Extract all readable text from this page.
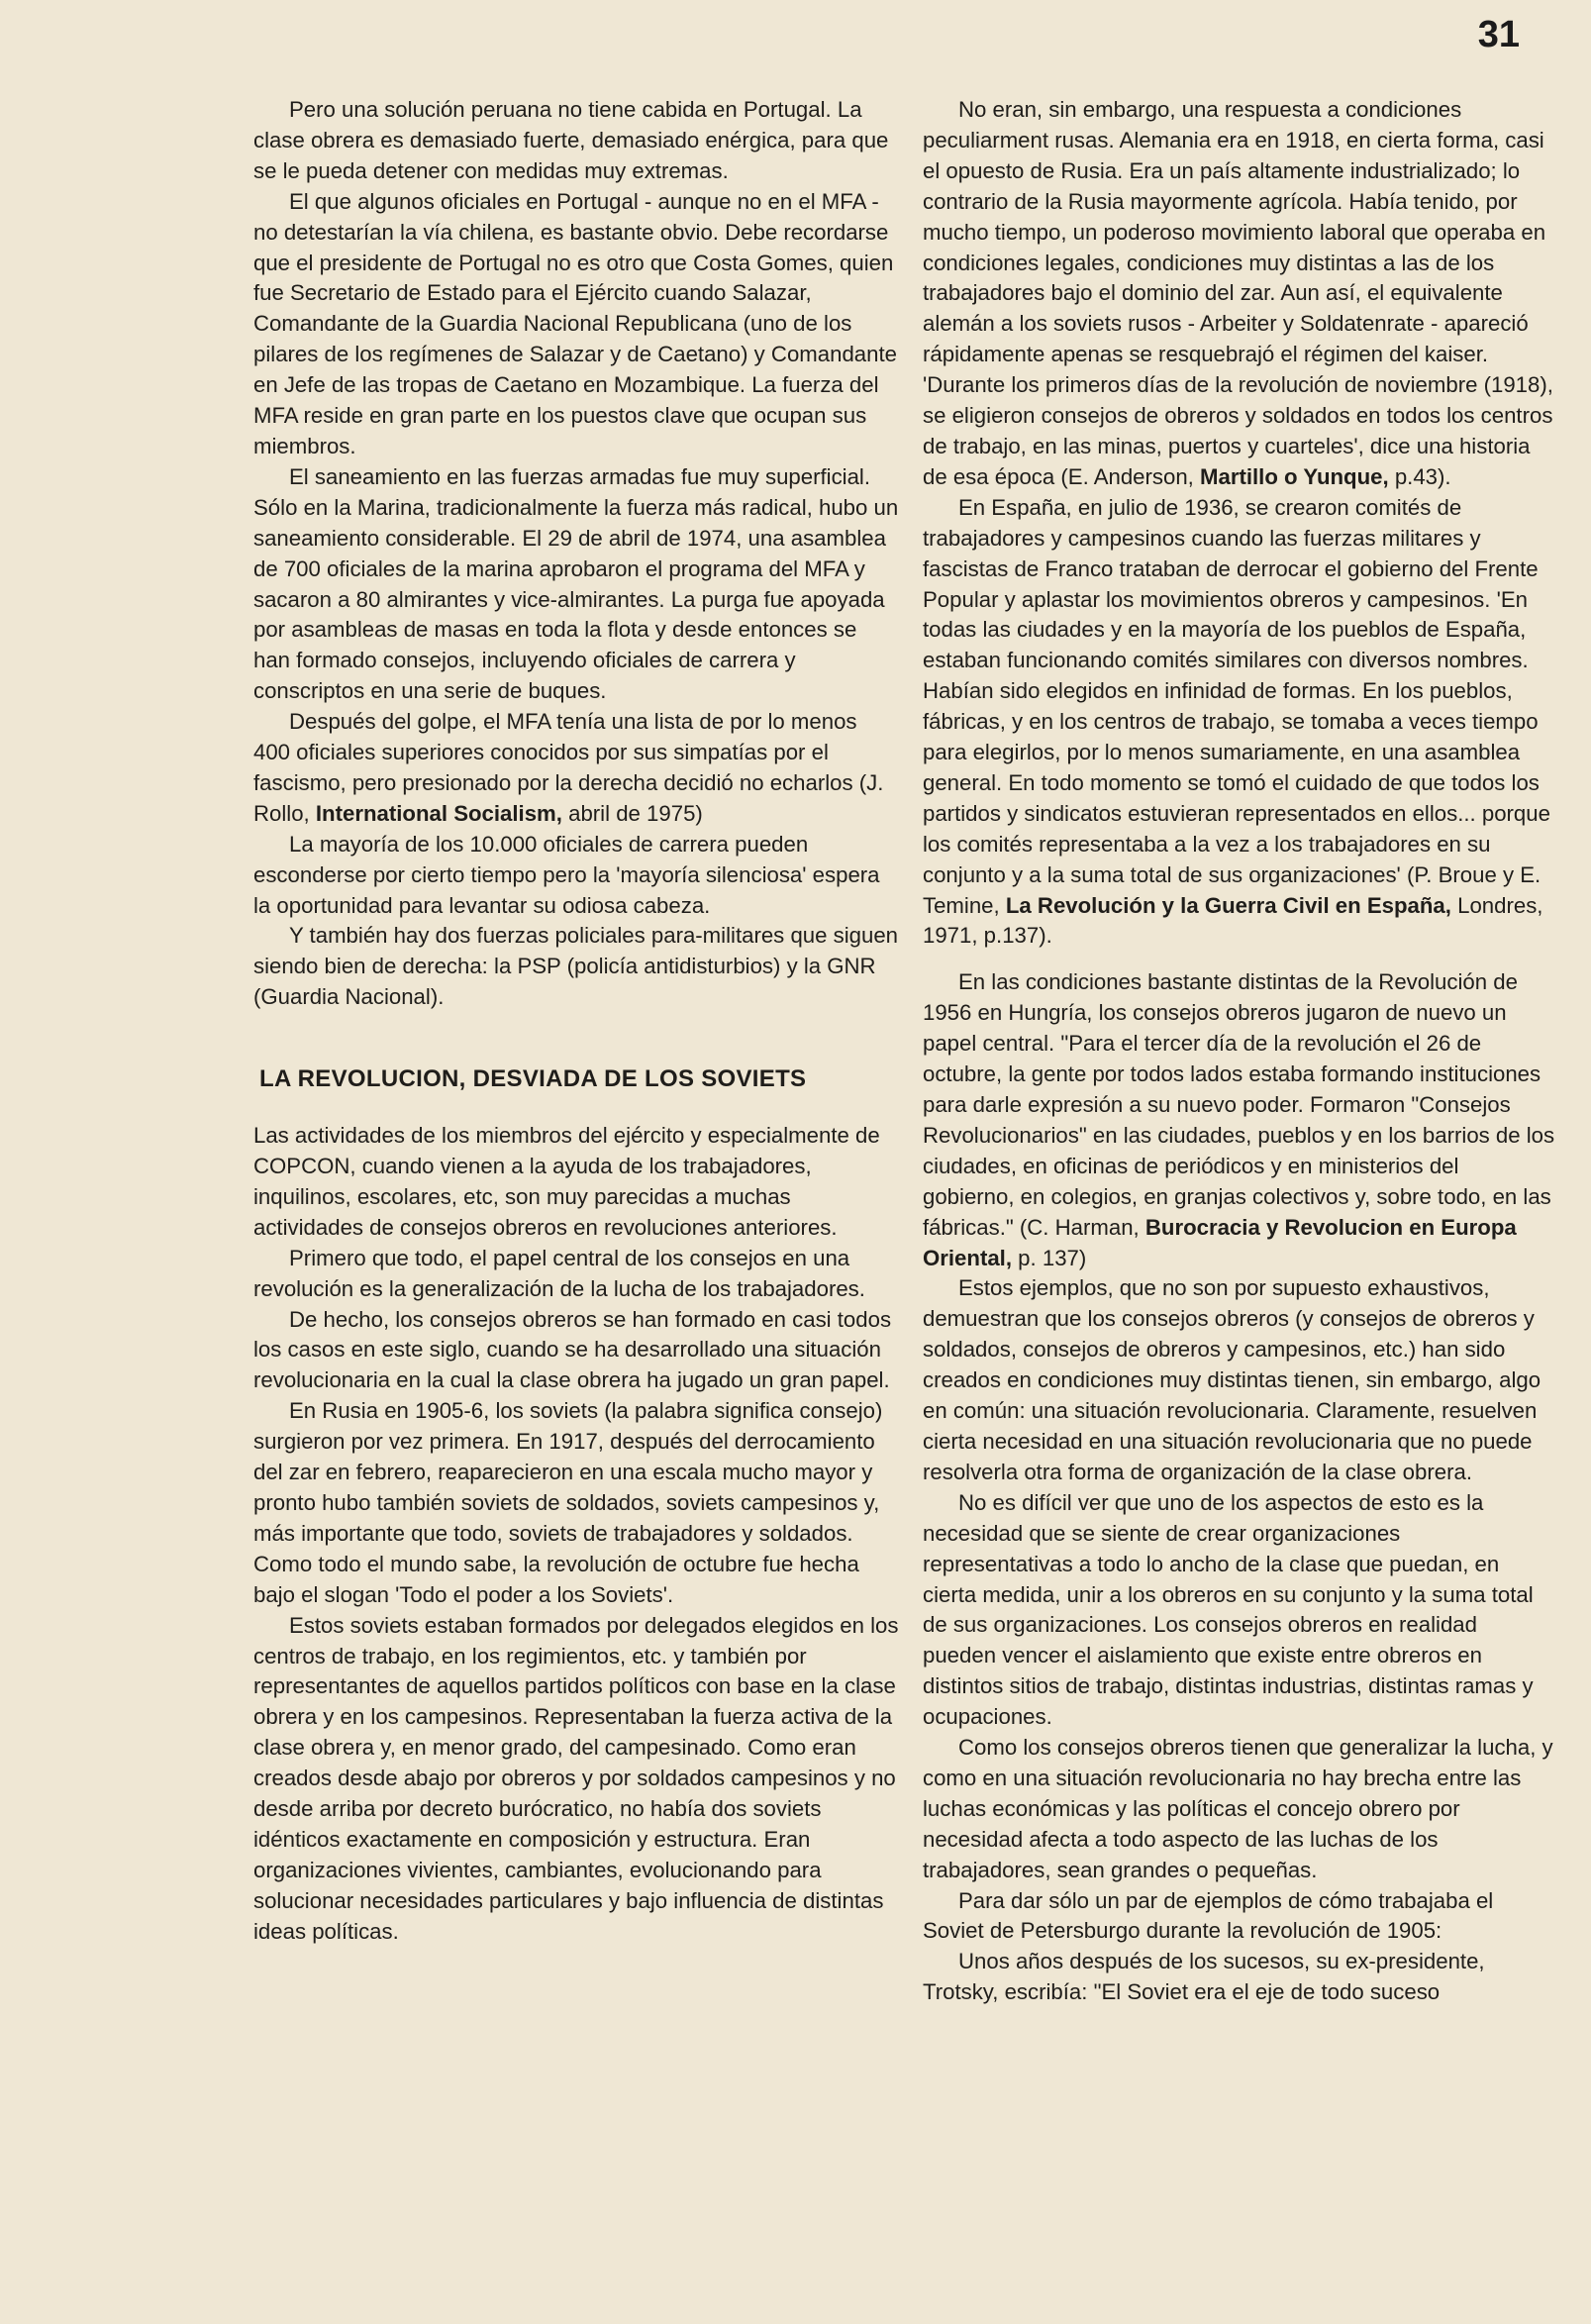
31

Pero una solución peruana no tiene cabida en Portugal. La clase obrera es demasiado fuerte, demasiado enérgica, para que se le pueda detener con medidas muy extremas.

El que algunos oficiales en Portugal - aunque no en el MFA - no detestarían la vía chilena, es bastante obvio. Debe recordarse que el presidente de Portugal no es otro que Costa Gomes, quien fue Secretario de Estado para el Ejército cuando Salazar, Comandante de la Guardia Nacional Republicana (uno de los pilares de los regímenes de Salazar y de Caetano) y Comandante en Jefe de las tropas de Caetano en Mozambique. La fuerza del MFA reside en gran parte en los puestos clave que ocupan sus miembros.

El saneamiento en las fuerzas armadas fue muy superficial. Sólo en la Marina, tradicionalmente la fuerza más radical, hubo un saneamiento considerable. El 29 de abril de 1974, una asamblea de 700 oficiales de la marina aprobaron el programa del MFA y sacaron a 80 almirantes y vice-almirantes. La purga fue apoyada por asambleas de masas en toda la flota y desde entonces se han formado consejos, incluyendo oficiales de carrera y conscriptos en una serie de buques.

Después del golpe, el MFA tenía una lista de por lo menos 400 oficiales superiores conocidos por sus simpatías por el fascismo, pero presionado por la derecha decidió no echarlos (J. Rollo, International Socialism, abril de 1975)

La mayoría de los 10.000 oficiales de carrera pueden esconderse por cierto tiempo pero la 'mayoría silenciosa' espera la oportunidad para levantar su odiosa cabeza.

Y también hay dos fuerzas policiales para-militares que siguen siendo bien de derecha: la PSP (policía antidisturbios) y la GNR (Guardia Nacional).

LA REVOLUCION, DESVIADA DE LOS SOVIETS

Las actividades de los miembros del ejército y especialmente de COPCON, cuando vienen a la ayuda de los trabajadores, inquilinos, escolares, etc, son muy parecidas a muchas actividades de consejos obreros en revoluciones anteriores.

Primero que todo, el papel central de los consejos en una revolución es la generalización de la lucha de los trabajadores.

De hecho, los consejos obreros se han formado en casi todos los casos en este siglo, cuando se ha desarrollado una situación revolucionaria en la cual la clase obrera ha jugado un gran papel.

En Rusia en 1905-6, los soviets (la palabra significa consejo) surgieron por vez primera. En 1917, después del derrocamiento del zar en febrero, reaparecieron en una escala mucho mayor y pronto hubo también soviets de soldados, soviets campesinos y, más importante que todo, soviets de trabajadores y soldados. Como todo el mundo sabe, la revolución de octubre fue hecha bajo el slogan 'Todo el poder a los Soviets'.

Estos soviets estaban formados por delegados elegidos en los centros de trabajo, en los regimientos, etc. y también por representantes de aquellos partidos políticos con base en la clase obrera y en los campesinos. Representaban la fuerza activa de la clase obrera y, en menor grado, del campesinado. Como eran creados desde abajo por obreros y por soldados campesinos y no desde arriba por decreto burócratico, no había dos soviets idénticos exactamente en composición y estructura. Eran organizaciones vivientes, cambiantes, evolucionando para solucionar necesidades particulares y bajo influencia de distintas ideas políticas.

No eran, sin embargo, una respuesta a condiciones peculiarment rusas. Alemania era en 1918, en cierta forma, casi el opuesto de Rusia. Era un país altamente industrializado; lo contrario de la Rusia mayormente agrícola. Había tenido, por mucho tiempo, un poderoso movimiento laboral que operaba en condiciones legales, condiciones muy distintas a las de los trabajadores bajo el dominio del zar. Aun así, el equivalente alemán a los soviets rusos - Arbeiter y Soldatenrate - apareció rápidamente apenas se resquebrajó el régimen del kaiser. 'Durante los primeros días de la revolución de noviembre (1918), se eligieron consejos de obreros y soldados en todos los centros de trabajo, en las minas, puertos y cuarteles', dice una historia de esa época (E. Anderson, Martillo o Yunque, p.43).

En España, en julio de 1936, se crearon comités de trabajadores y campesinos cuando las fuerzas militares y fascistas de Franco trataban de derrocar el gobierno del Frente Popular y aplastar los movimientos obreros y campesinos. 'En todas las ciudades y en la mayoría de los pueblos de España, estaban funcionando comités similares con diversos nombres. Habían sido elegidos en infinidad de formas. En los pueblos, fábricas, y en los centros de trabajo, se tomaba a veces tiempo para elegirlos, por lo menos sumariamente, en una asamblea general. En todo momento se tomó el cuidado de que todos los partidos y sindicatos estuvieran representados en ellos... porque los comités representaba a la vez a los trabajadores en su conjunto y a la suma total de sus organizaciones' (P. Broue y E. Temine, La Revolución y la Guerra Civil en España, Londres, 1971, p.137).

En las condiciones bastante distintas de la Revolución de 1956 en Hungría, los consejos obreros jugaron de nuevo un papel central. "Para el tercer día de la revolución el 26 de octubre, la gente por todos lados estaba formando instituciones para darle expresión a su nuevo poder. Formaron "Consejos Revolucionarios" en las ciudades, pueblos y en los barrios de los ciudades, en oficinas de periódicos y en ministerios del gobierno, en colegios, en granjas colectivos y, sobre todo, en las fábricas." (C. Harman, Burocracia y Revolucion en Europa Oriental, p. 137)

Estos ejemplos, que no son por supuesto exhaustivos, demuestran que los consejos obreros (y consejos de obreros y soldados, consejos de obreros y campesinos, etc.) han sido creados en condiciones muy distintas tienen, sin embargo, algo en común: una situación revolucionaria. Claramente, resuelven cierta necesidad en una situación revolucionaria que no puede resolverla otra forma de organización de la clase obrera.

No es difícil ver que uno de los aspectos de esto es la necesidad que se siente de crear organizaciones representativas a todo lo ancho de la clase que puedan, en cierta medida, unir a los obreros en su conjunto y la suma total de sus organizaciones. Los consejos obreros en realidad pueden vencer el aislamiento que existe entre obreros en distintos sitios de trabajo, distintas industrias, distintas ramas y ocupaciones.

Como los consejos obreros tienen que generalizar la lucha, y como en una situación revolucionaria no hay brecha entre las luchas económicas y las políticas el concejo obrero por necesidad afecta a todo aspecto de las luchas de los trabajadores, sean grandes o pequeñas.

Para dar sólo un par de ejemplos de cómo trabajaba el Soviet de Petersburgo durante la revolución de 1905:

Unos años después de los sucesos, su ex-presidente, Trotsky, escribía: "El Soviet era el eje de todo suceso
